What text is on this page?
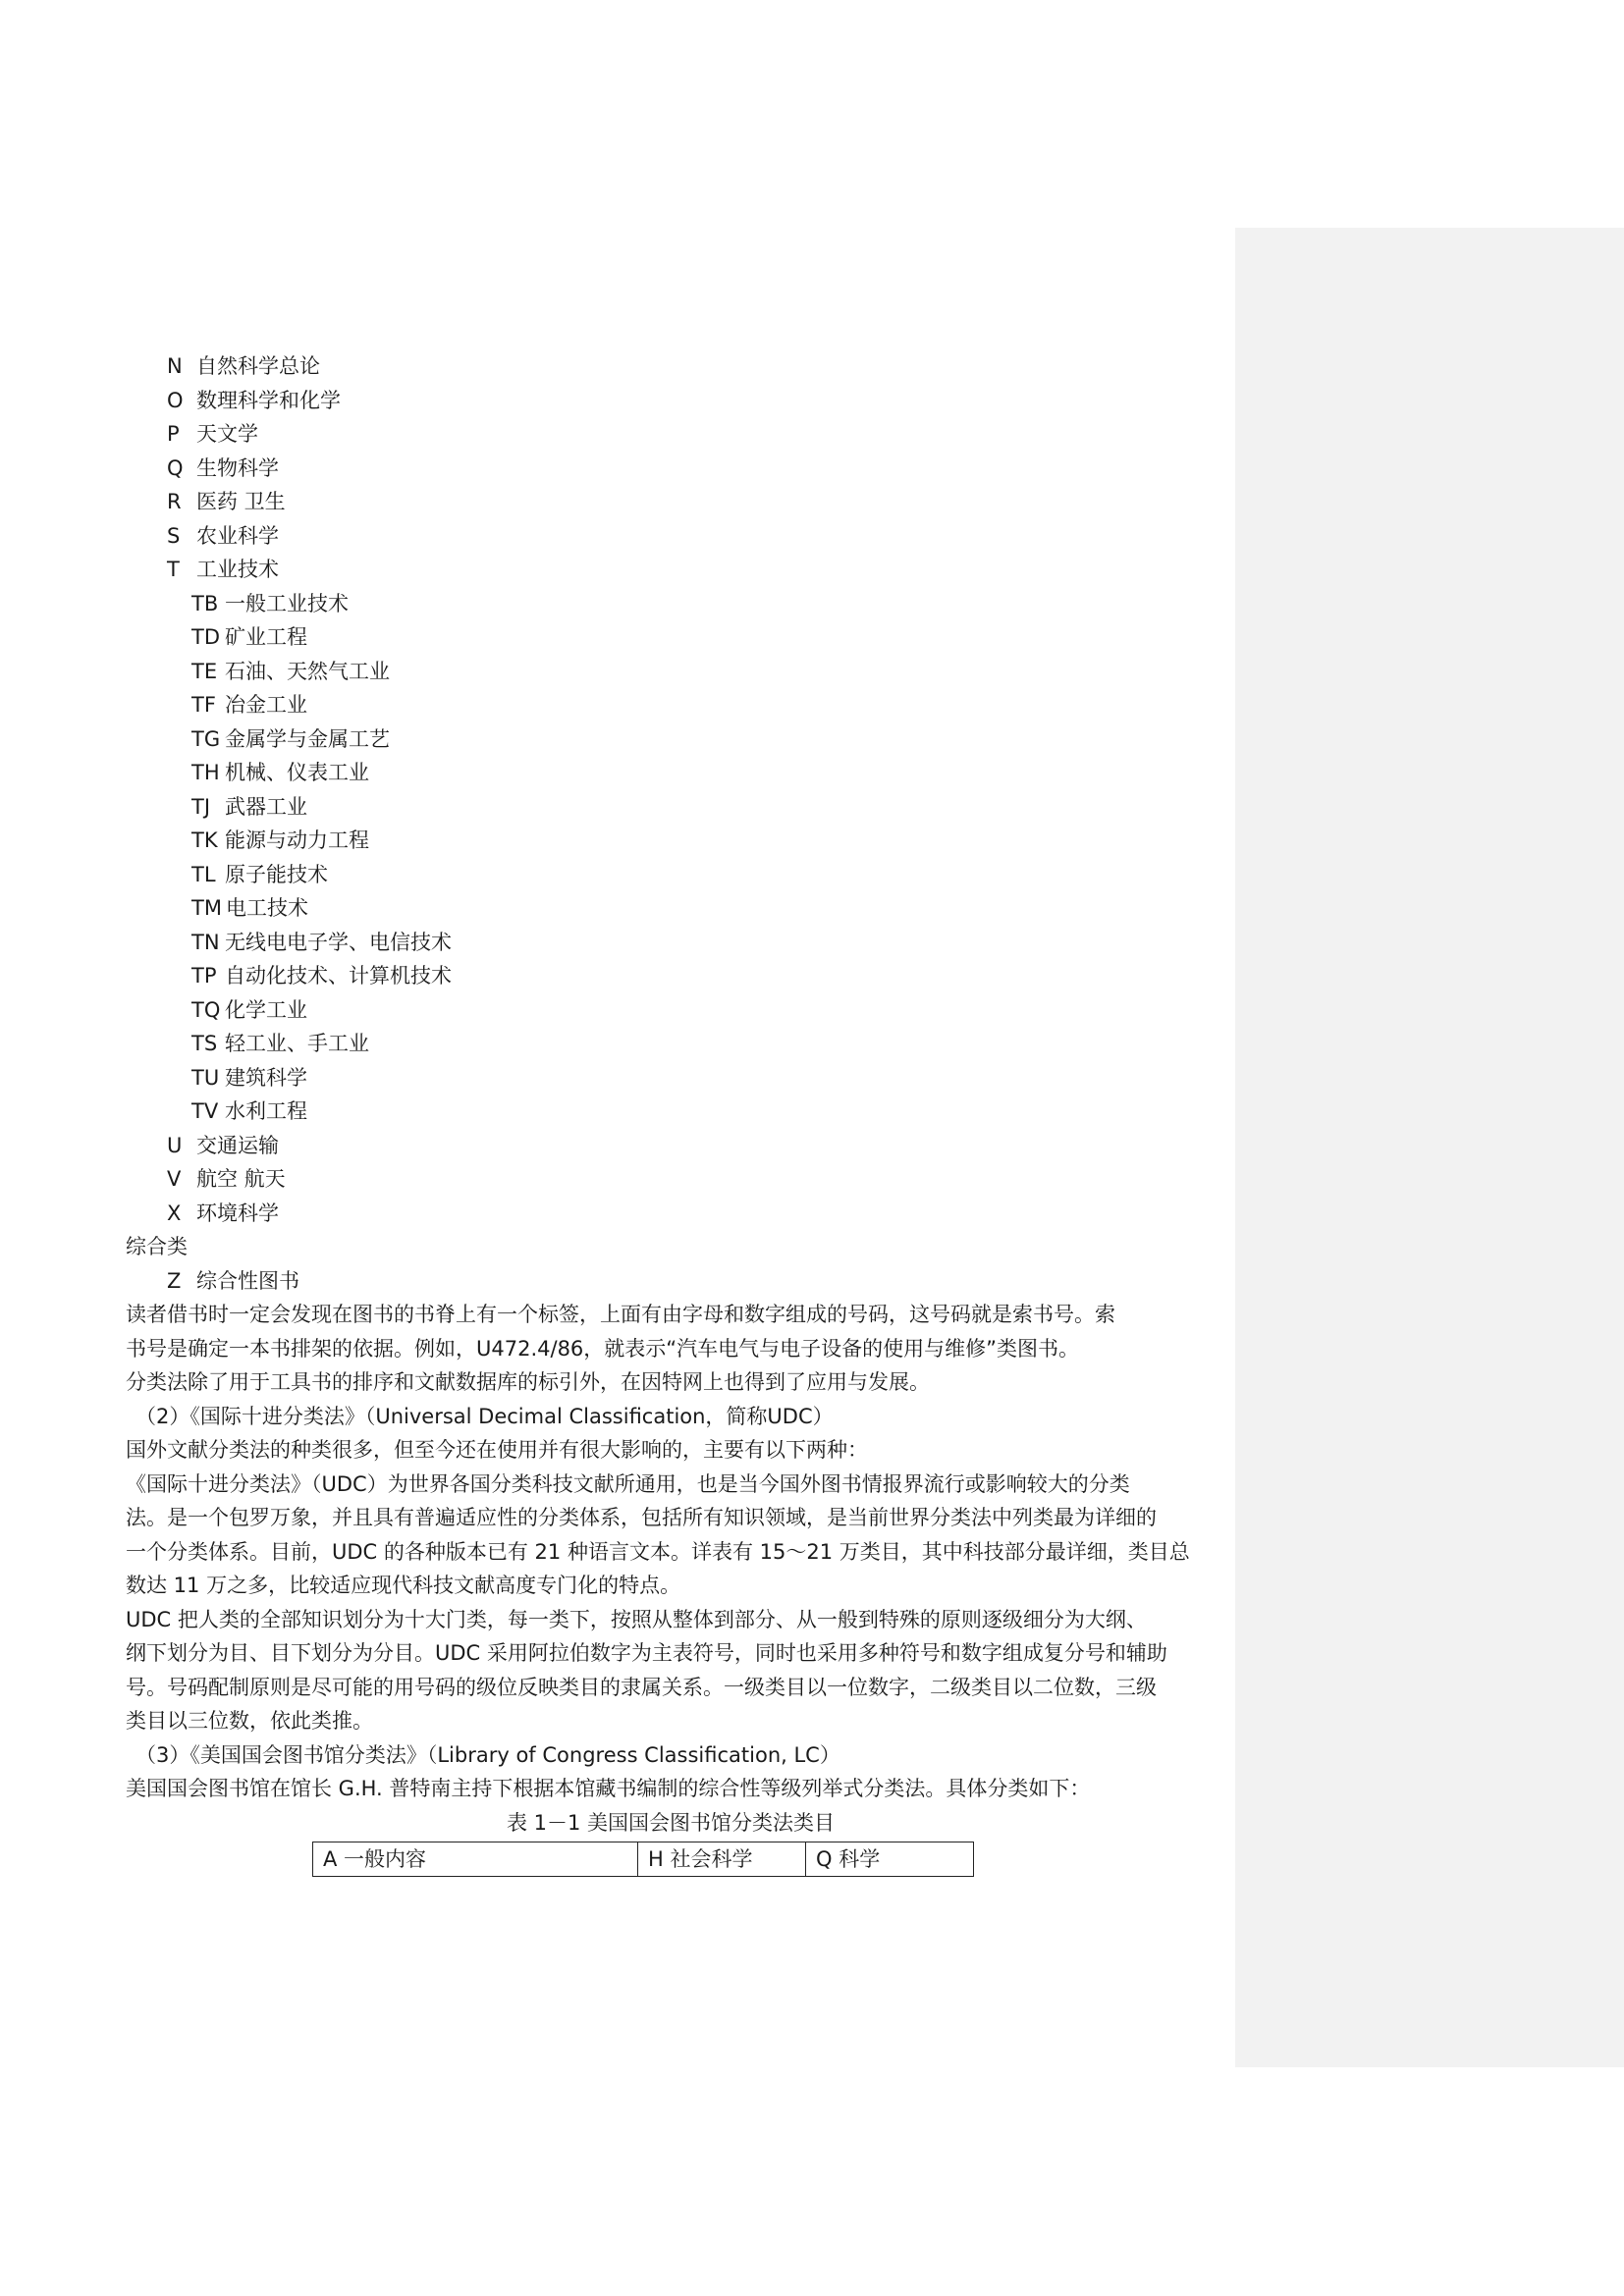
N 自然科学总论
O 数理科学和化学
P 天文学
Q 生物科学
R 医药 卫生
S 农业科学
T 工业技术
TB 一般工业技术
TD 矿业工程
TE 石油、天然气工业
TF 冶金工业
TG 金属学与金属工艺
TH 机械、仪表工业
TJ 武器工业
TK 能源与动力工程
TL 原子能技术
TM 电工技术
TN 无线电电子学、电信技术
TP 自动化技术、计算机技术
TQ 化学工业
TS 轻工业、手工业
TU 建筑科学
TV 水利工程
U 交通运输
V 航空 航天
X 环境科学
综合类
Z 综合性图书
读者借书时一定会发现在图书的书脊上有一个标签，上面有由字母和数字组成的号码，这号码就是索书号。索
书号是确定一本书排架的依据。例如，U472.4/86，就表示“汽车电气与电子设备的使用与维修”类图书。
分类法除了用于工具书的排序和文献数据库的标引外，在因特网上也得到了应用与发展。
（2）《国际十进分类法》（Universal Decimal Classification，简称UDC）
国外文献分类法的种类很多，但至今还在使用并有很大影响的，主要有以下两种：
《国际十进分类法》（UDC）为世界各国分类科技文献所通用，也是当今国外图书情报界流行或影响较大的分类
法。是一个包罗万象，并且具有普遍适应性的分类体系，包括所有知识领域，是当前世界分类法中列类最为详细的
一个分类体系。目前，UDC 的各种版本已有 21 种语言文本。详表有 15～21 万类目，其中科技部分最详细，类目总
数达 11 万之多，比较适应现代科技文献高度专门化的特点。
UDC 把人类的全部知识划分为十大门类，每一类下，按照从整体到部分、从一般到特殊的原则逐级细分为大纲、
纲下划分为目、目下划分为分目。UDC 采用阿拉伯数字为主表符号，同时也采用多种符号和数字组成复分号和辅助
号。号码配制原则是尽可能的用号码的级位反映类目的隶属关系。一级类目以一位数字，二级类目以二位数，三级
类目以三位数，依此类推。
（3）《美国国会图书馆分类法》（Library of Congress Classification, LC）
美国国会图书馆在馆长 G.H. 普特南主持下根据本馆藏书编制的综合性等级列举式分类法。具体分类如下：
表 1－1 美国国会图书馆分类法类目
A 一般内容	H 社会科学	Q 科学
